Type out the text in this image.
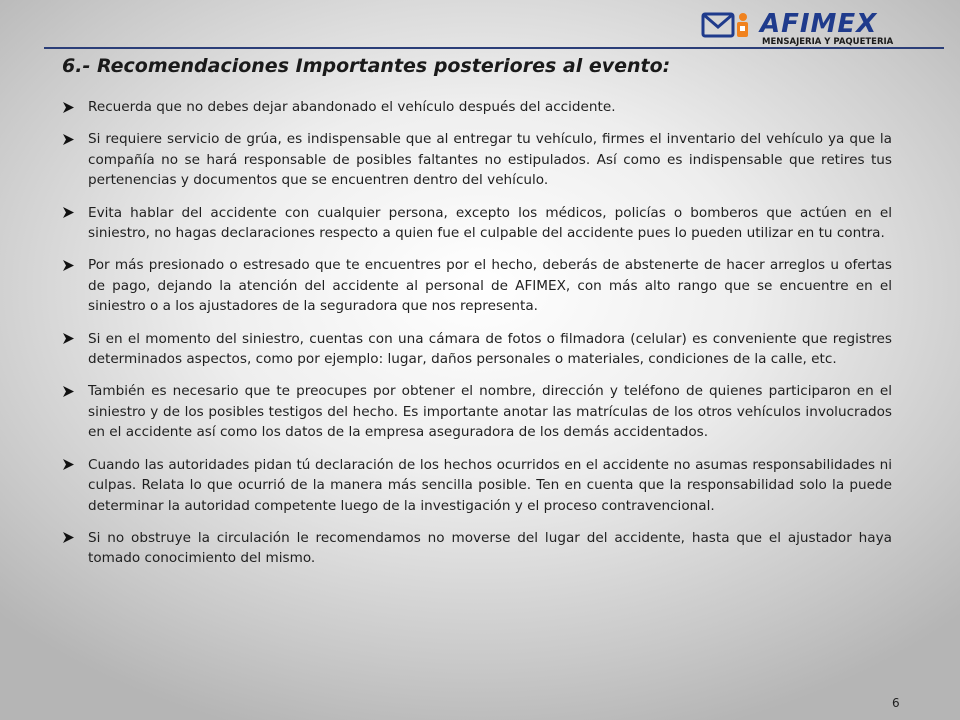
AFIMEX
MENSAJERIA Y PAQUETERIA
6.- Recomendaciones Importantes posteriores al evento:
Recuerda que no debes dejar abandonado el vehículo después del accidente.
Si requiere servicio de grúa, es indispensable que al entregar tu vehículo, firmes el inventario del vehículo ya que la compañía no se hará responsable de posibles faltantes no estipulados. Así como es indispensable que retires tus pertenencias y documentos que se encuentren dentro del vehículo.
Evita hablar del accidente con cualquier persona, excepto los médicos, policías o bomberos que actúen en el siniestro, no hagas declaraciones respecto a quien fue el culpable del accidente pues lo pueden utilizar en tu contra.
Por más presionado o estresado que te encuentres por el hecho, deberás de abstenerte de hacer arreglos u ofertas de pago, dejando la atención del accidente al personal de AFIMEX, con más alto rango que se encuentre en el siniestro o a los ajustadores de la seguradora que nos representa.
Si en el momento del siniestro, cuentas con una cámara de fotos o filmadora (celular) es conveniente que registres determinados aspectos, como por ejemplo: lugar, daños personales o materiales, condiciones de la calle, etc.
También es necesario que te preocupes por obtener el nombre, dirección y teléfono de quienes participaron en el siniestro y de los posibles testigos del hecho. Es importante anotar las matrículas de los otros vehículos involucrados en el accidente así como los datos de la empresa aseguradora de los demás accidentados.
Cuando las autoridades pidan tú declaración de los hechos ocurridos en el accidente no asumas responsabilidades ni culpas. Relata lo que ocurrió de la manera más sencilla posible. Ten en cuenta que la responsabilidad solo la puede determinar la autoridad competente luego de la investigación y el proceso contravencional.
Si no obstruye la circulación le recomendamos no moverse del lugar del accidente, hasta que el ajustador haya tomado conocimiento del mismo.
6
